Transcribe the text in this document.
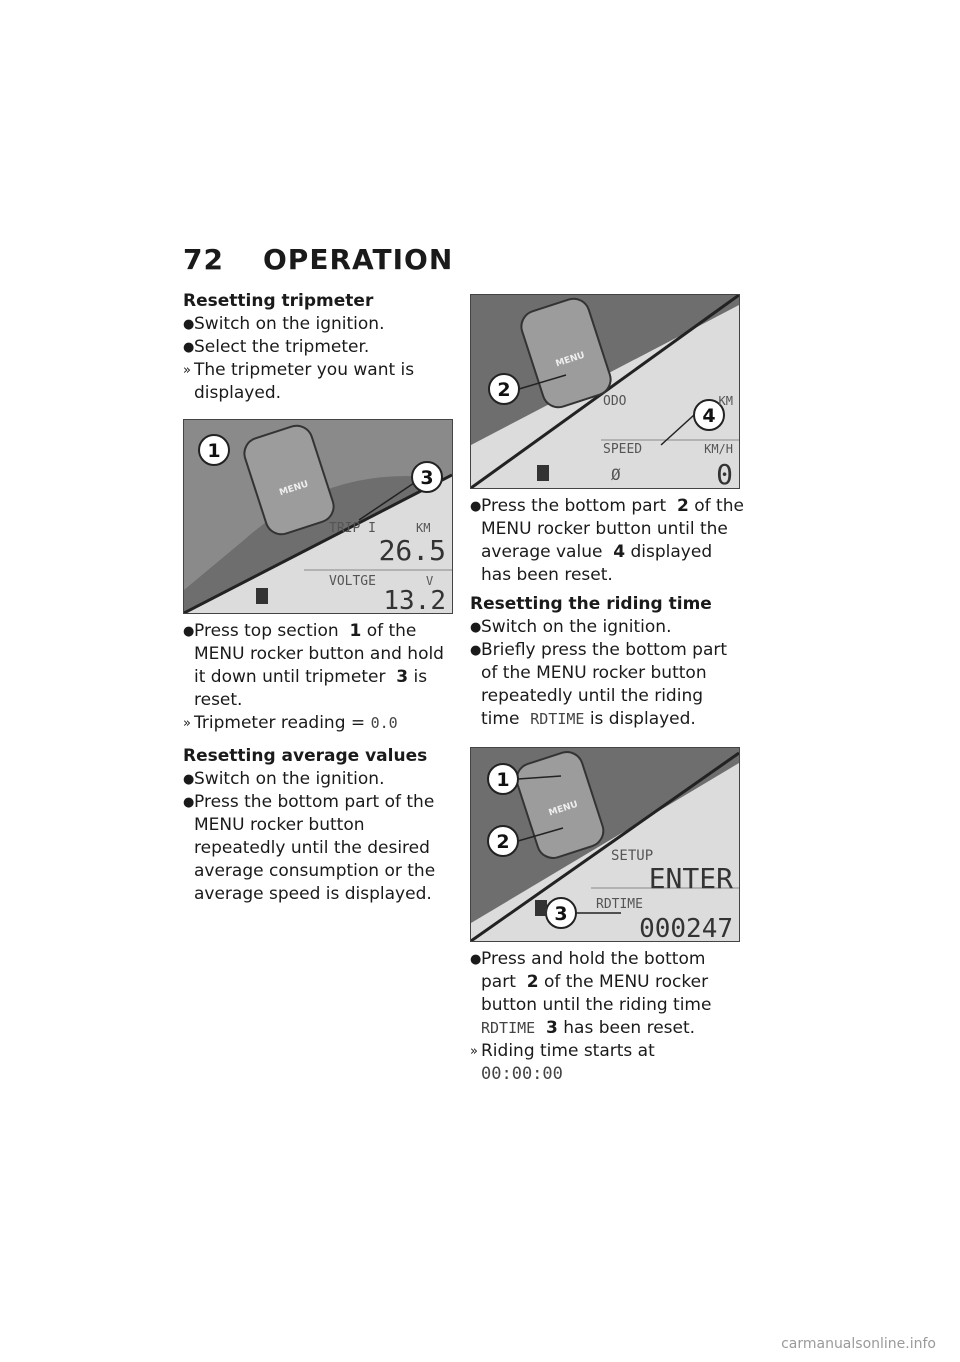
72 OPERATION
Resetting tripmeter
● Switch on the ignition.
● Select the tripmeter.
» The tripmeter you want is displayed.
MENU
1
3
TRIP I	KM
26.5
VOLTGE	V
13.2
● Press top section 1 of the MENU rocker button and hold it down until tripmeter 3 is reset.
» Tripmeter reading = 0.0
Resetting average values
● Switch on the ignition.
● Press the bottom part of the MENU rocker button repeatedly until the desired average consumption or the average speed is displayed.
MENU
2
4
ODO	KM
SPEED	KM/H
Ø	0
● Press the bottom part 2 of the MENU rocker button until the average value 4 displayed has been reset.
Resetting the riding time
● Switch on the ignition.
● Briefly press the bottom part of the MENU rocker button repeatedly until the riding time RDTIME is displayed.
MENU
1
2
3
SETUP
ENTER
RDTIME
000247
● Press and hold the bottom part 2 of the MENU rocker button until the riding time RDTIME 3 has been reset.
» Riding time starts at
00:00:00
carmanualsonline.info
